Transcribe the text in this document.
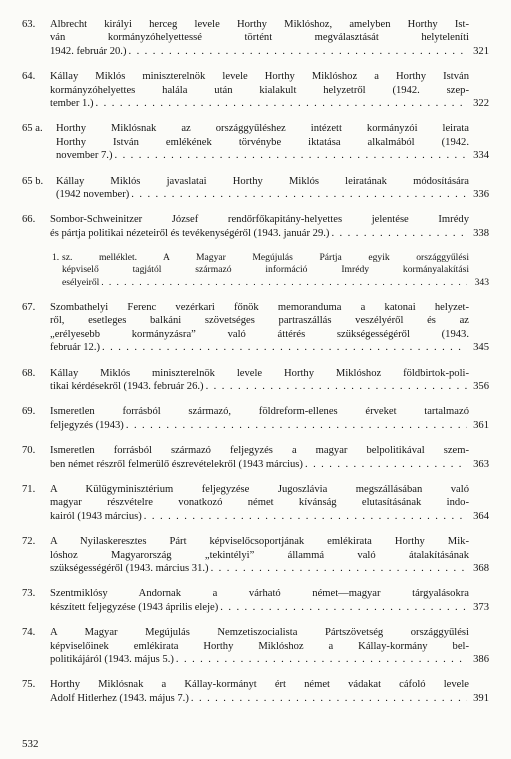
63. Albrecht királyi herceg levele Horthy Miklóshoz, amelyben Horthy Ist-
ván kormányzóhelyettessé történt megválasztását helyteleníti
1942. február 20.) . . .	321
64. Kállay Miklós miniszterelnök levele Horthy Miklóshoz a Horthy István
kormányzóhelyettes halála után kialakult helyzetről (1942. szep-
tember 1.) . . .	322
65 a. Horthy Miklósnak az országgyűléshez intézett kormányzói leirata
Horthy István emlékének törvénybe iktatása alkalmából (1942.
november 7.) . . .	334
65 b. Kállay Miklós javaslatai Horthy Miklós leiratának módosítására
(1942 november) . . .	336
66. Sombor-Schweinitzer József rendőrfőkapitány-helyettes jelentése Imrédy
és pártja politikai nézeteiről és tevékenységéről (1943. január 29.) . . .	338
1. sz. melléklet. A Magyar Megújulás Pártja egyik országgyűlési
képviselő tagjától származó információ Imrédy kormányalakítási
esélyeiről . . .	343
67. Szombathelyi Ferenc vezérkari főnök memoranduma a katonai helyzet-
ről, esetleges balkáni szövetséges partraszállás veszélyéről és az
„erélyesebb kormányzásra” való áttérés szükségességéről (1943.
február 12.) . . .	345
68. Kállay Miklós miniszterelnök levele Horthy Miklóshoz földbirtok-poli-
tikai kérdésekről (1943. február 26.) . . .	356
69. Ismeretlen forrásból származó, földreform-ellenes érveket tartalmazó
feljegyzés (1943) . . .	361
70. Ismeretlen forrásból származó feljegyzés a magyar belpolitikával szem-
ben német részről felmerülő észrevételekről (1943 március) . . .	363
71. A Külügyminisztérium feljegyzése Jugoszlávia megszállásában való
magyar részvételre vonatkozó német kívánság elutasításának indo-
kairól (1943 március) . . .	364
72. A Nyilaskeresztes Párt képviselőcsoportjának emlékirata Horthy Mik-
lóshoz Magyarország „tekintélyi” állammá való átalakításának
szükségességéről (1943. március 31.) . . .	368
73. Szentmiklósy Andornak a várható német—magyar tárgyalásokra
készített feljegyzése (1943 április eleje) . . .	373
74. A Magyar Megújulás Nemzetiszocialista Pártszövetség országgyűlési
képviselőinek emlékirata Horthy Miklóshoz a Kállay-kormány bel-
politikájáról (1943. május 5.) . . .	386
75. Horthy Miklósnak a Kállay-kormányt ért német vádakat cáfoló levele
Adolf Hitlerhez (1943. május 7.) . . .	391
532
